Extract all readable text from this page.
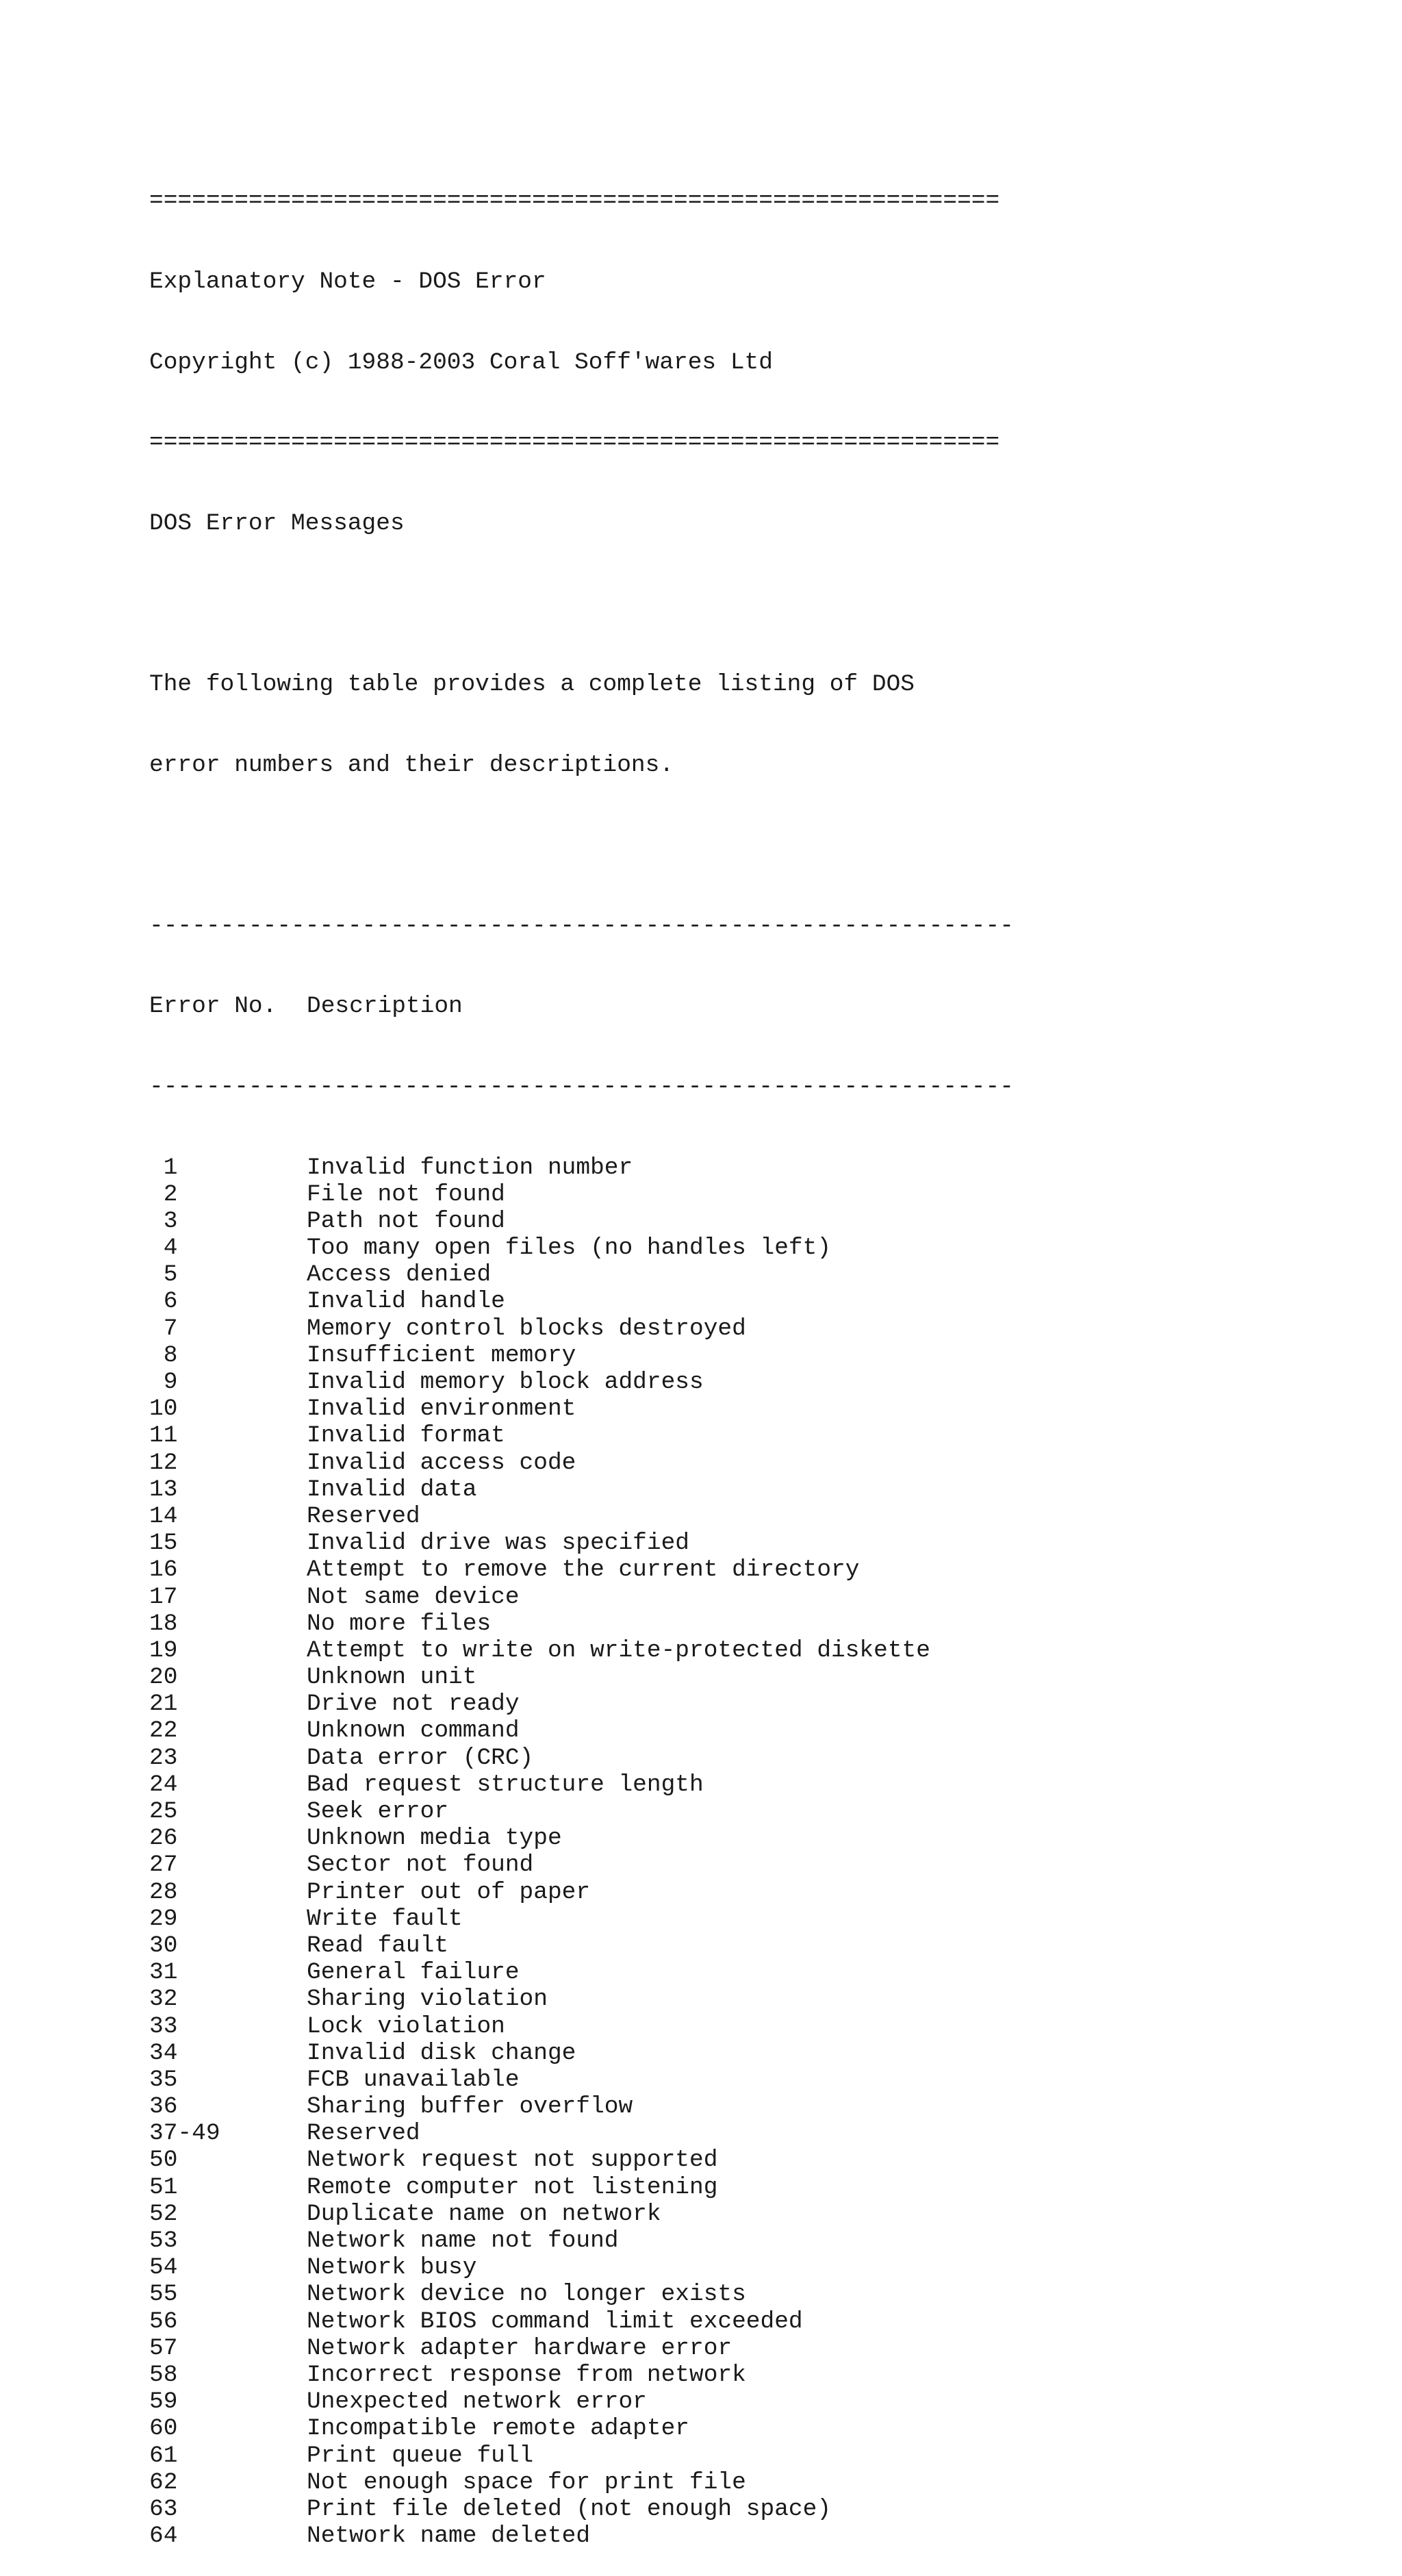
============================================================

Explanatory Note - DOS Error

Copyright (c) 1988-2003 Coral Soff'wares Ltd

============================================================

DOS Error Messages

The following table provides a complete listing of DOS

error numbers and their descriptions.

-------------------------------------------------------------

Error No. Description

-------------------------------------------------------------

1	Invalid function number
2	File not found
3	Path not found
4	Too many open files (no handles left)
5	Access denied
6	Invalid handle
7	Memory control blocks destroyed
8	Insufficient memory
9	Invalid memory block address
10	Invalid environment
11	Invalid format
12	Invalid access code
13	Invalid data
14	Reserved
15	Invalid drive was specified
16	Attempt to remove the current directory
17	Not same device
18	No more files
19	Attempt to write on write-protected diskette
20	Unknown unit
21	Drive not ready
22	Unknown command
23	Data error (CRC)
24	Bad request structure length
25	Seek error
26	Unknown media type
27	Sector not found
28	Printer out of paper
29	Write fault
30	Read fault
31	General failure
32	Sharing violation
33	Lock violation
34	Invalid disk change
35	FCB unavailable
36	Sharing buffer overflow
37-49	Reserved
50	Network request not supported
51	Remote computer not listening
52	Duplicate name on network
53	Network name not found
54	Network busy
55	Network device no longer exists
56	Network BIOS command limit exceeded
57	Network adapter hardware error
58	Incorrect response from network
59	Unexpected network error
60	Incompatible remote adapter
61	Print queue full
62	Not enough space for print file
63	Print file deleted (not enough space)
64	Network name deleted
